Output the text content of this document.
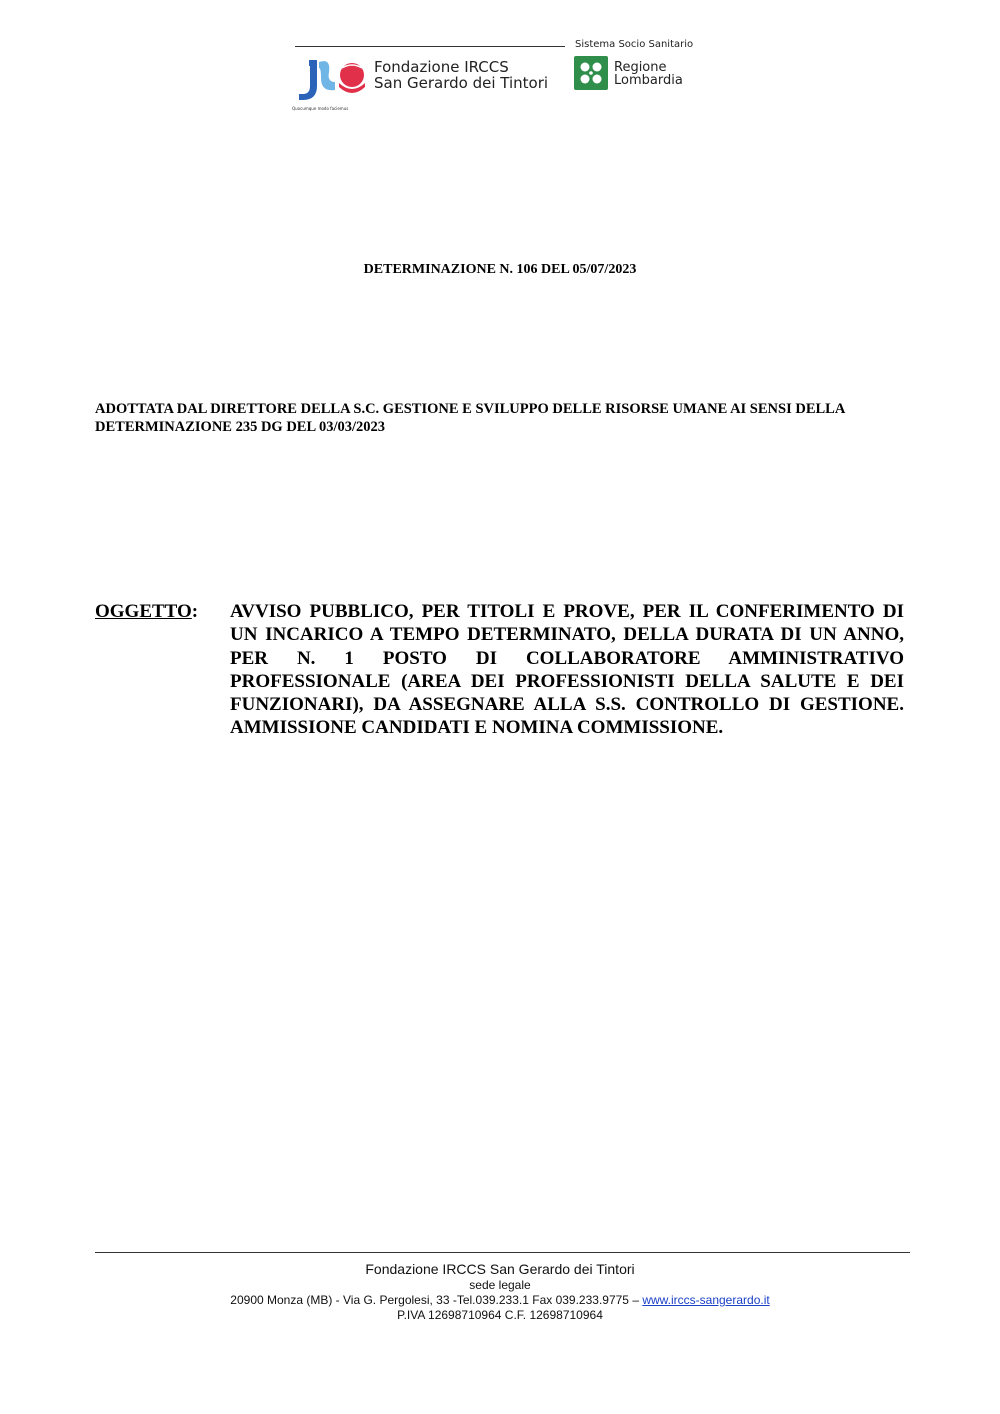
Sistema Socio Sanitario
Quocumque modo faciemus
Fondazione IRCCS
San Gerardo dei Tintori
Regione
Lombardia
DETERMINAZIONE N. 106 DEL 05/07/2023
ADOTTATA DAL DIRETTORE DELLA S.C. GESTIONE E SVILUPPO DELLE RISORSE UMANE AI SENSI DELLA DETERMINAZIONE 235 DG DEL 03/03/2023
OGGETTO: AVVISO PUBBLICO, PER TITOLI E PROVE, PER IL CONFERIMENTO DI UN INCARICO A TEMPO DETERMINATO, DELLA DURATA DI UN ANNO, PER N. 1 POSTO DI COLLABORATORE AMMINISTRATIVO PROFESSIONALE (AREA DEI PROFESSIONISTI DELLA SALUTE E DEI FUNZIONARI), DA ASSEGNARE ALLA S.S. CONTROLLO DI GESTIONE. AMMISSIONE CANDIDATI E NOMINA COMMISSIONE.
Fondazione IRCCS San Gerardo dei Tintori
sede legale
20900 Monza (MB) - Via G. Pergolesi, 33 -Tel.039.233.1 Fax 039.233.9775 – www.irccs-sangerardo.it
P.IVA 12698710964 C.F. 12698710964
